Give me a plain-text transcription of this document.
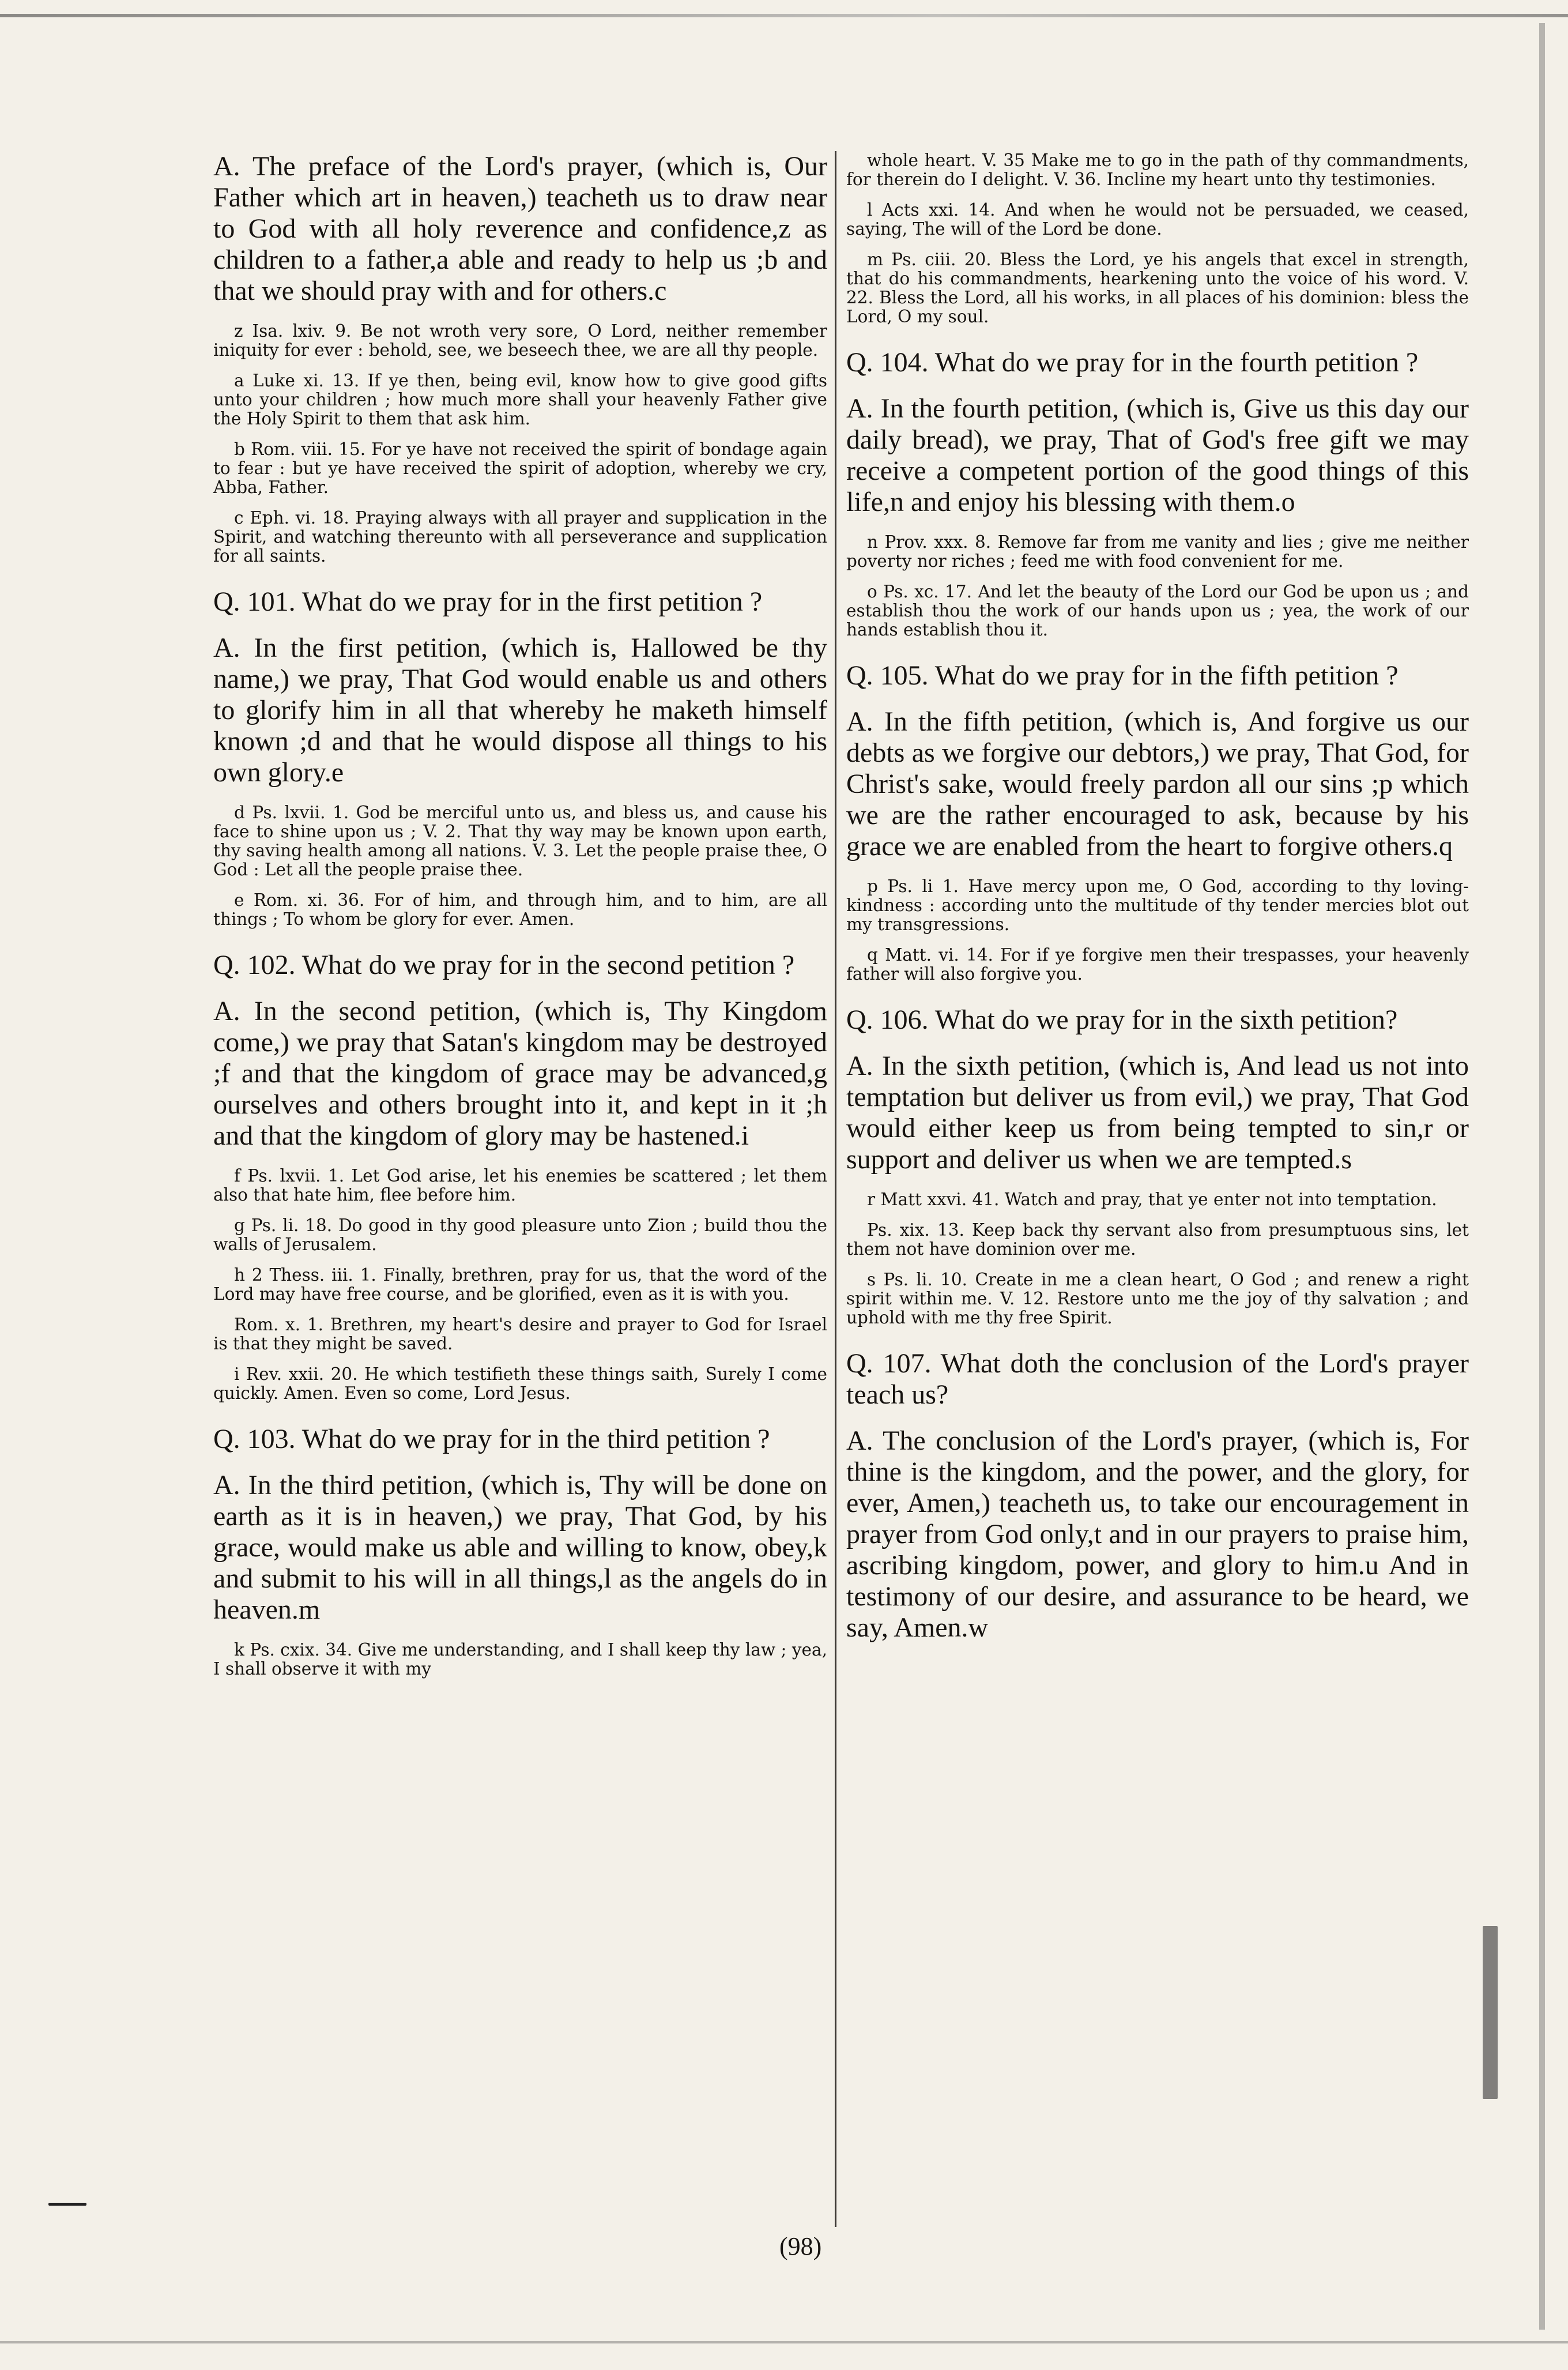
A. The preface of the Lord's prayer, (which is, Our Father which art in heaven,) teacheth us to draw near to God with all holy reverence and confidence,z as children to a father,a able and ready to help us ;b and that we should pray with and for others.c

z Isa. lxiv. 9. Be not wroth very sore, O Lord, neither remember iniquity for ever : behold, see, we beseech thee, we are all thy people.

a Luke xi. 13. If ye then, being evil, know how to give good gifts unto your children ; how much more shall your heavenly Father give the Holy Spirit to them that ask him.

b Rom. viii. 15. For ye have not received the spirit of bondage again to fear : but ye have received the spirit of adoption, whereby we cry, Abba, Father.

c Eph. vi. 18. Praying always with all prayer and supplication in the Spirit, and watching thereunto with all perseverance and supplication for all saints.

Q. 101. What do we pray for in the first petition ?

A. In the first petition, (which is, Hallowed be thy name,) we pray, That God would enable us and others to glorify him in all that whereby he maketh himself known ;d and that he would dispose all things to his own glory.e

d Ps. lxvii. 1. God be merciful unto us, and bless us, and cause his face to shine upon us ; V. 2. That thy way may be known upon earth, thy saving health among all nations. V. 3. Let the people praise thee, O God : Let all the people praise thee.

e Rom. xi. 36. For of him, and through him, and to him, are all things ; To whom be glory for ever. Amen.

Q. 102. What do we pray for in the second petition ?

A. In the second petition, (which is, Thy Kingdom come,) we pray that Satan's kingdom may be destroyed ;f and that the kingdom of grace may be advanced,g ourselves and others brought into it, and kept in it ;h and that the kingdom of glory may be hastened.i

f Ps. lxvii. 1. Let God arise, let his enemies be scattered ; let them also that hate him, flee before him.

g Ps. li. 18. Do good in thy good pleasure unto Zion ; build thou the walls of Jerusalem.

h 2 Thess. iii. 1. Finally, brethren, pray for us, that the word of the Lord may have free course, and be glorified, even as it is with you.

Rom. x. 1. Brethren, my heart's desire and prayer to God for Israel is that they might be saved.

i Rev. xxii. 20. He which testifieth these things saith, Surely I come quickly. Amen. Even so come, Lord Jesus.

Q. 103. What do we pray for in the third petition ?

A. In the third petition, (which is, Thy will be done on earth as it is in heaven,) we pray, That God, by his grace, would make us able and willing to know, obey,k and submit to his will in all things,l as the angels do in heaven.m

k Ps. cxix. 34. Give me understanding, and I shall keep thy law ; yea, I shall observe it with my

whole heart. V. 35 Make me to go in the path of thy commandments, for therein do I delight. V. 36. Incline my heart unto thy testimonies.

l Acts xxi. 14. And when he would not be persuaded, we ceased, saying, The will of the Lord be done.

m Ps. ciii. 20. Bless the Lord, ye his angels that excel in strength, that do his commandments, hearkening unto the voice of his word. V. 22. Bless the Lord, all his works, in all places of his dominion: bless the Lord, O my soul.

Q. 104. What do we pray for in the fourth petition ?

A. In the fourth petition, (which is, Give us this day our daily bread), we pray, That of God's free gift we may receive a competent portion of the good things of this life,n and enjoy his blessing with them.o

n Prov. xxx. 8. Remove far from me vanity and lies ; give me neither poverty nor riches ; feed me with food convenient for me.

o Ps. xc. 17. And let the beauty of the Lord our God be upon us ; and establish thou the work of our hands upon us ; yea, the work of our hands establish thou it.

Q. 105. What do we pray for in the fifth petition ?

A. In the fifth petition, (which is, And forgive us our debts as we forgive our debtors,) we pray, That God, for Christ's sake, would freely pardon all our sins ;p which we are the rather encouraged to ask, because by his grace we are enabled from the heart to forgive others.q

p Ps. li 1. Have mercy upon me, O God, according to thy loving-kindness : according unto the multitude of thy tender mercies blot out my transgressions.

q Matt. vi. 14. For if ye forgive men their trespasses, your heavenly father will also forgive you.

Q. 106. What do we pray for in the sixth petition?

A. In the sixth petition, (which is, And lead us not into temptation but deliver us from evil,) we pray, That God would either keep us from being tempted to sin,r or support and deliver us when we are tempted.s

r Matt xxvi. 41. Watch and pray, that ye enter not into temptation.

Ps. xix. 13. Keep back thy servant also from presumptuous sins, let them not have dominion over me.

s Ps. li. 10. Create in me a clean heart, O God ; and renew a right spirit within me. V. 12. Restore unto me the joy of thy salvation ; and uphold with me thy free Spirit.

Q. 107. What doth the conclusion of the Lord's prayer teach us?

A. The conclusion of the Lord's prayer, (which is, For thine is the kingdom, and the power, and the glory, for ever, Amen,) teacheth us, to take our encouragement in prayer from God only,t and in our prayers to praise him, ascribing kingdom, power, and glory to him.u And in testimony of our desire, and assurance to be heard, we say, Amen.w

(98)
